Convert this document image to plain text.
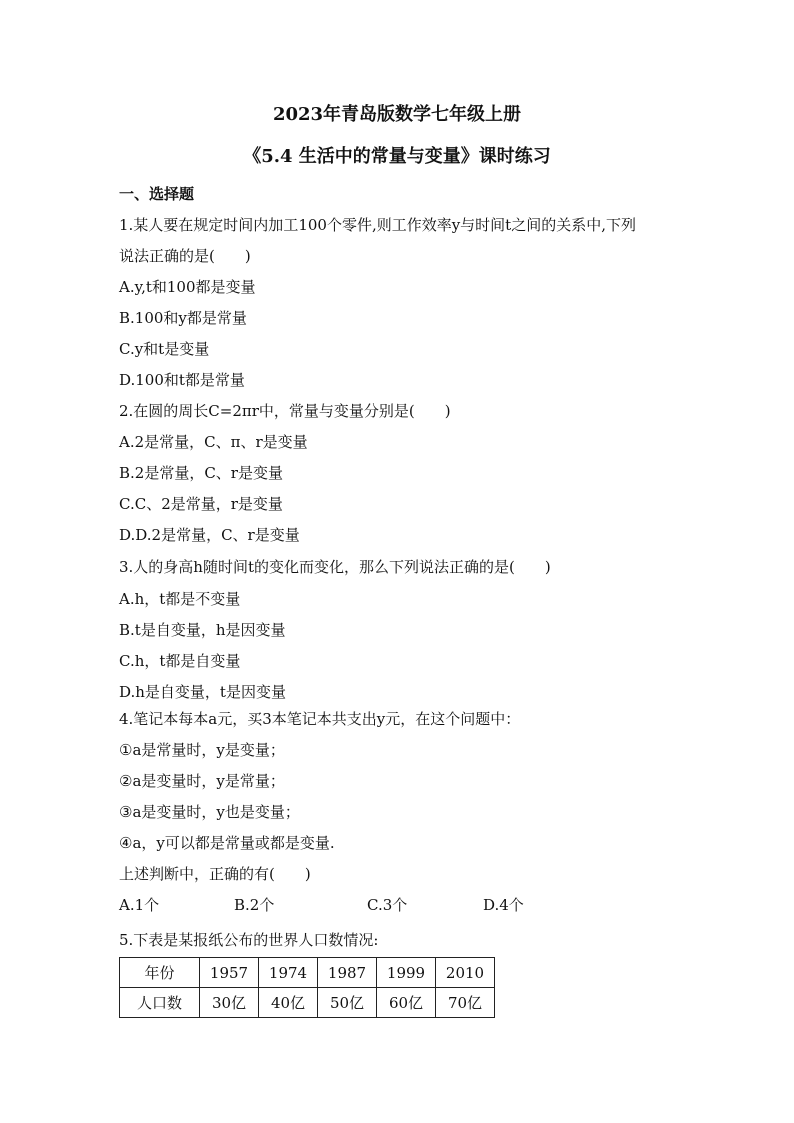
2023年青岛版数学七年级上册
《5.4 生活中的常量与变量》课时练习
一、选择题
1.某人要在规定时间内加工100个零件,则工作效率y与时间t之间的关系中,下列
说法正确的是(　　)
A.y,t和100都是变量
B.100和y都是常量
C.y和t是变量
D.100和t都是常量
2.在圆的周长C=2πr中，常量与变量分别是(　　)
A.2是常量，C、π、r是变量
B.2是常量，C、r是变量
C.C、2是常量，r是变量
D.D.2是常量，C、r是变量
3.人的身高h随时间t的变化而变化，那么下列说法正确的是(　　)
A.h，t都是不变量
B.t是自变量，h是因变量
C.h，t都是自变量
D.h是自变量，t是因变量
4.笔记本每本a元，买3本笔记本共支出y元，在这个问题中：
①a是常量时，y是变量；
②a是变量时，y是常量；
③a是变量时，y也是变量；
④a，y可以都是常量或都是变量.
上述判断中，正确的有(　　)
A.1个	B.2个	C.3个	D.4个
5.下表是某报纸公布的世界人口数情况:
年份	1957	1974	1987	1999	2010
人口数	30亿	40亿	50亿	60亿	70亿
